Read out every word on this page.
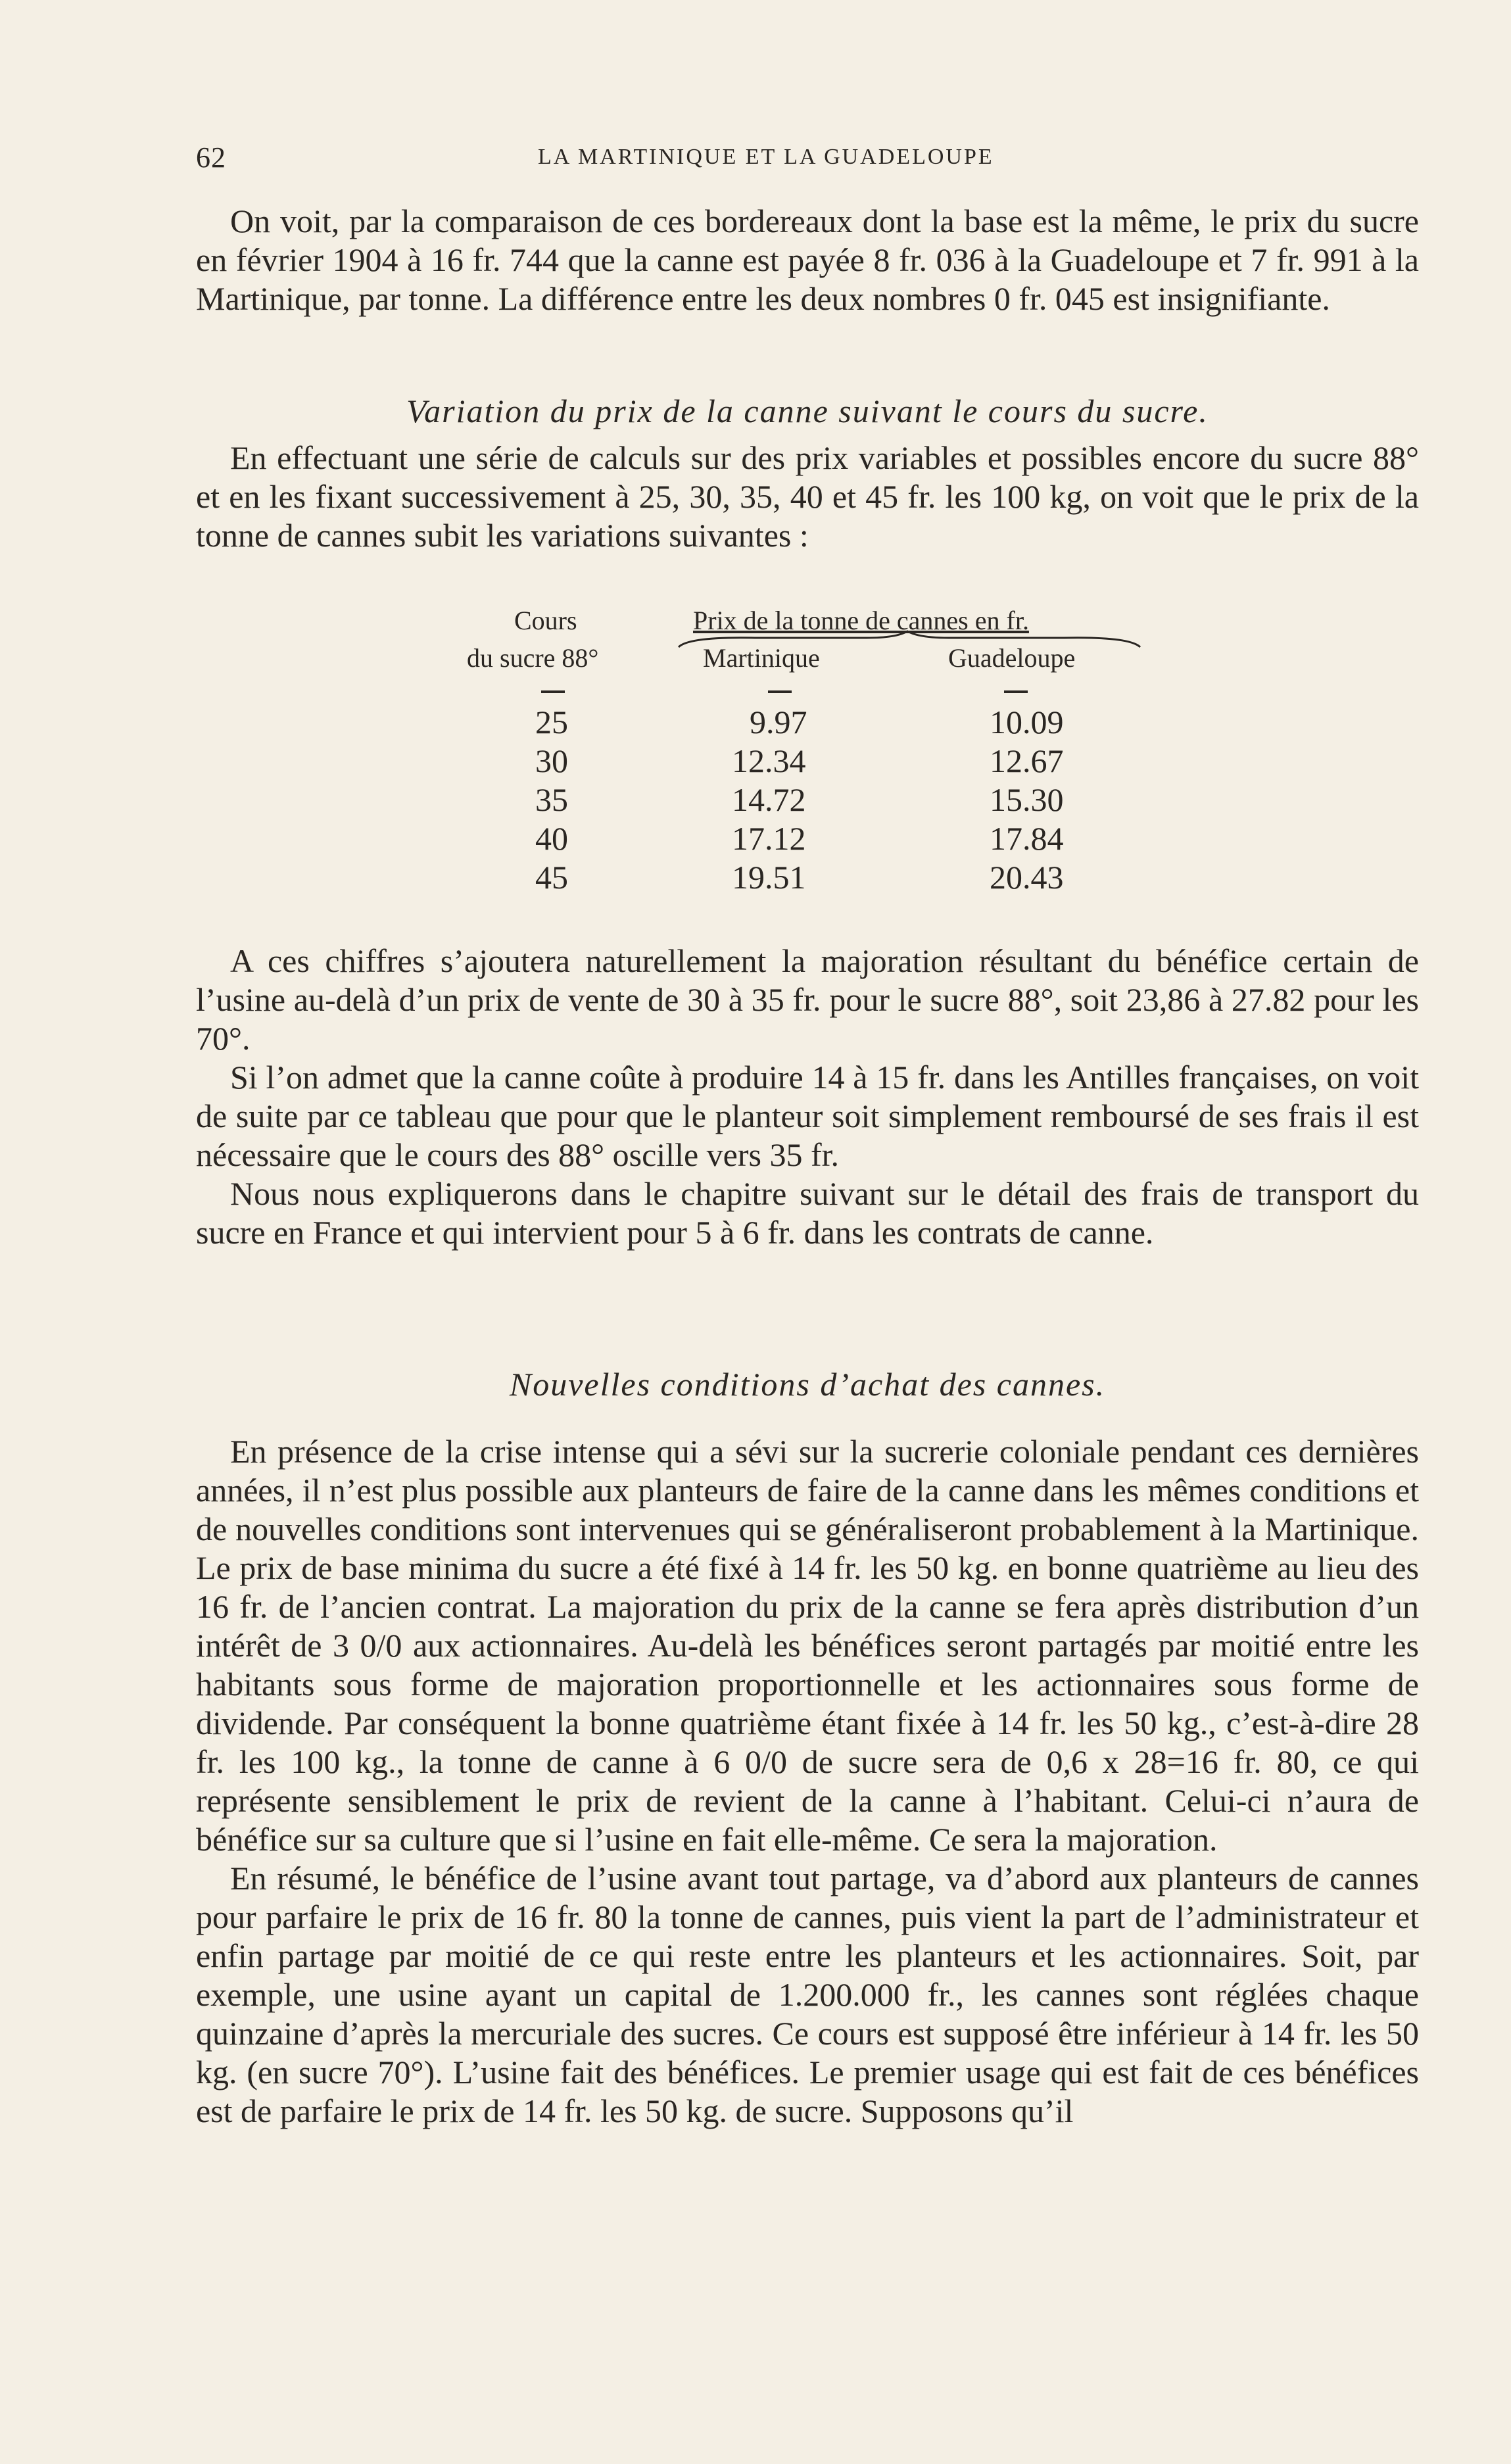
62	LA MARTINIQUE ET LA GUADELOUPE

On voit, par la comparaison de ces bordereaux dont la base est la même, le prix du sucre en février 1904 à 16 fr. 744 que la canne est payée 8 fr. 036 à la Guadeloupe et 7 fr. 991 à la Martinique, par tonne. La différence entre les deux nombres 0 fr. 045 est insignifiante.

Variation du prix de la canne suivant le cours du sucre.

En effectuant une série de calculs sur des prix variables et possibles encore du sucre 88° et en les fixant successivement à 25, 30, 35, 40 et 45 fr. les 100 kg, on voit que le prix de la tonne de cannes subit les variations suivantes :

Cours
du sucre 88°
Prix de la tonne de cannes en fr.
Martinique	Guadeloupe
25	9.97	10.09
30	12.34	12.67
35	14.72	15.30
40	17.12	17.84
45	19.51	20.43

A ces chiffres s’ajoutera naturellement la majoration résultant du bénéfice certain de l’usine au-delà d’un prix de vente de 30 à 35 fr. pour le sucre 88°, soit 23,86 à 27.82 pour les 70°.

Si l’on admet que la canne coûte à produire 14 à 15 fr. dans les Antilles françaises, on voit de suite par ce tableau que pour que le planteur soit simplement remboursé de ses frais il est nécessaire que le cours des 88° oscille vers 35 fr.

Nous nous expliquerons dans le chapitre suivant sur le détail des frais de transport du sucre en France et qui intervient pour 5 à 6 fr. dans les contrats de canne.

Nouvelles conditions d’achat des cannes.

En présence de la crise intense qui a sévi sur la sucrerie coloniale pendant ces dernières années, il n’est plus possible aux planteurs de faire de la canne dans les mêmes conditions et de nouvelles conditions sont intervenues qui se généraliseront probablement à la Martinique. Le prix de base minima du sucre a été fixé à 14 fr. les 50 kg. en bonne quatrième au lieu des 16 fr. de l’ancien contrat. La majoration du prix de la canne se fera après distribution d’un intérêt de 3 0/0 aux actionnaires. Au-delà les bénéfices seront partagés par moitié entre les habitants sous forme de majoration proportionnelle et les actionnaires sous forme de dividende. Par conséquent la bonne quatrième étant fixée à 14 fr. les 50 kg., c’est-à-dire 28 fr. les 100 kg., la tonne de canne à 6 0/0 de sucre sera de 0,6 x 28=16 fr. 80, ce qui représente sensiblement le prix de revient de la canne à l’habitant. Celui-ci n’aura de bénéfice sur sa culture que si l’usine en fait elle-même. Ce sera la majoration.

En résumé, le bénéfice de l’usine avant tout partage, va d’abord aux planteurs de cannes pour parfaire le prix de 16 fr. 80 la tonne de cannes, puis vient la part de l’administrateur et enfin partage par moitié de ce qui reste entre les planteurs et les actionnaires. Soit, par exemple, une usine ayant un capital de 1.200.000 fr., les cannes sont réglées chaque quinzaine d’après la mercuriale des sucres. Ce cours est supposé être inférieur à 14 fr. les 50 kg. (en sucre 70°). L’usine fait des bénéfices. Le premier usage qui est fait de ces bénéfices est de parfaire le prix de 14 fr. les 50 kg. de sucre. Supposons qu’il
